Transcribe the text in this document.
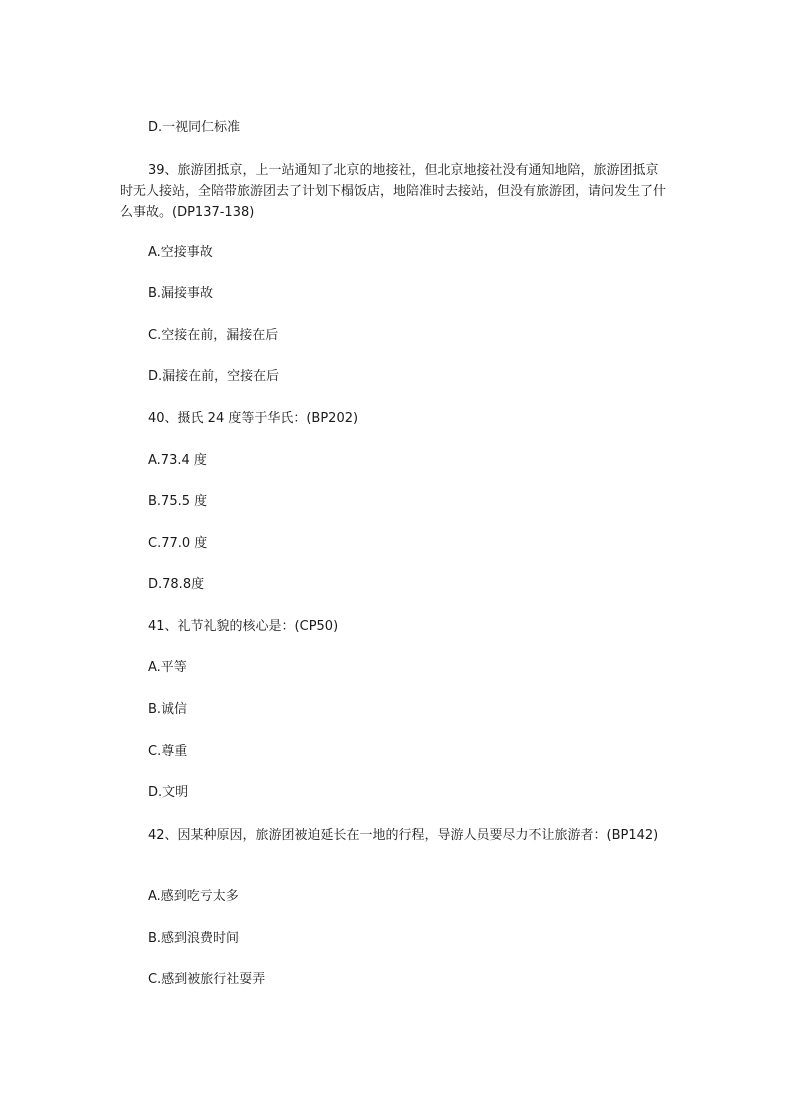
D.一视同仁标准
39、旅游团抵京，上一站通知了北京的地接社，但北京地接社没有通知地陪，旅游团抵京时无人接站，全陪带旅游团去了计划下榻饭店，地陪准时去接站，但没有旅游团，请问发生了什么事故。(DP137-138)
A.空接事故
B.漏接事故
C.空接在前，漏接在后
D.漏接在前，空接在后
40、摄氏 24 度等于华氏：(BP202)
A.73.4 度
B.75.5 度
C.77.0 度
D.78.8度
41、礼节礼貌的核心是：(CP50)
A.平等
B.诚信
C.尊重
D.文明
42、因某种原因，旅游团被迫延长在一地的行程，导游人员要尽力不让旅游者：(BP142)
A.感到吃亏太多
B.感到浪费时间
C.感到被旅行社耍弄
